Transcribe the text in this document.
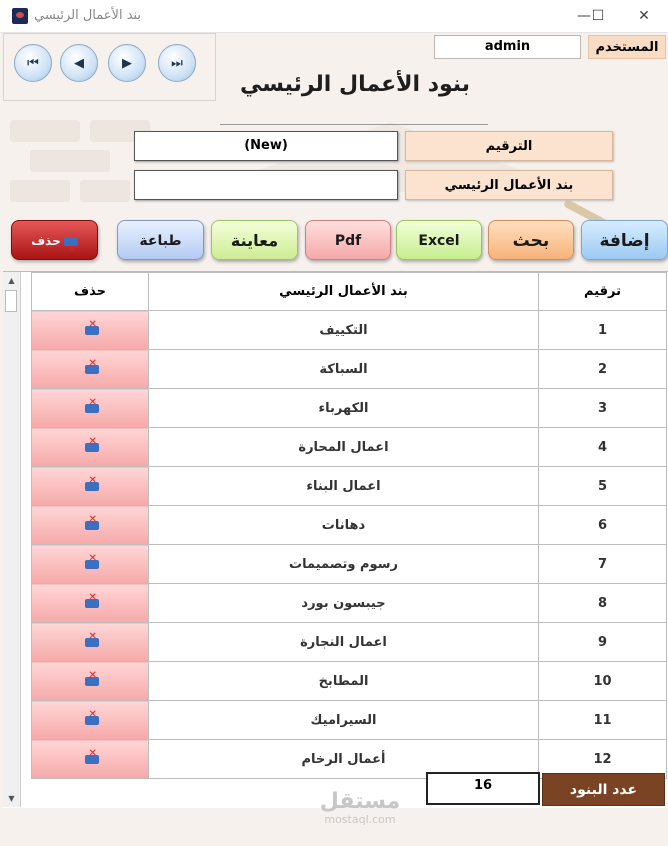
بند الأعمال الرئيسي	— ☐	✕
⏮	◀	▶	⏭
المستخدم
admin
بنود الأعمال الرئيسي
الترقيم
(New)
بند الأعمال الرئيسي
إضافة
بحث
Excel
Pdf
معاينة
طباعة
حذف✕
▲
▼
حذف	بند الأعمال الرئيسي	ترقيم
✕	التكييف	1
✕	السباكة	2
✕	الكهرباء	3
✕	اعمال المحارة	4
✕	اعمال البناء	5
✕	دهانات	6
✕	رسوم وتصميمات	7
✕	جيبسون بورد	8
✕	اعمال النجارة	9
✕	المطابخ	10
✕	السيراميك	11
✕	أعمال الرخام	12
عدد البنود
16
مستقل
mostaql.com
